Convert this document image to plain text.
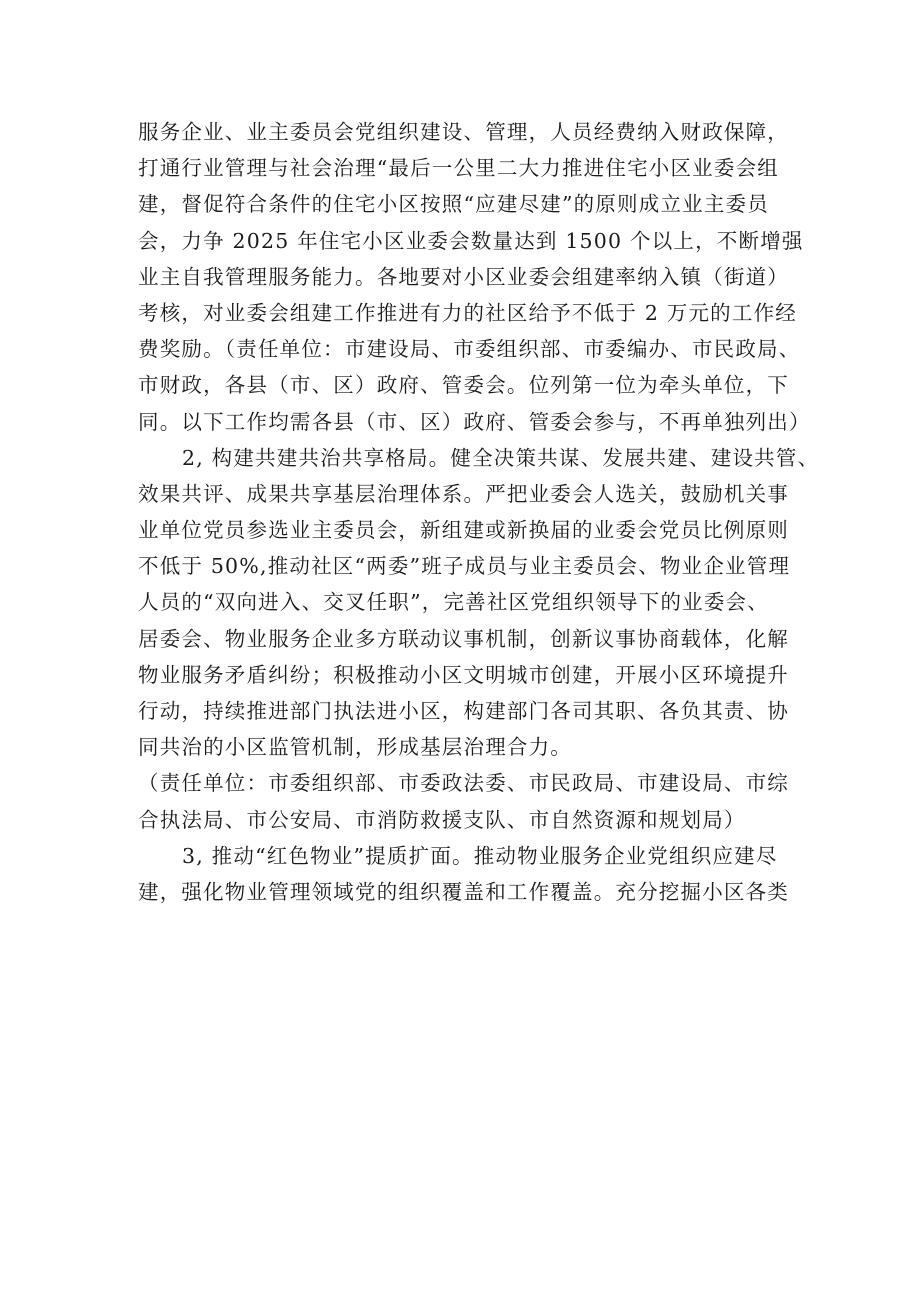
服务企业、业主委员会党组织建设、管理，人员经费纳入财政保障，
打通行业管理与社会治理“最后一公里二大力推进住宅小区业委会组
建，督促符合条件的住宅小区按照“应建尽建”的原则成立业主委员
会，力争 2025 年住宅小区业委会数量达到 1500 个以上，不断增强
业主自我管理服务能力。各地要对小区业委会组建率纳入镇（街道）
考核，对业委会组建工作推进有力的社区给予不低于 2 万元的工作经
费奖励。（责任单位：市建设局、市委组织部、市委编办、市民政局、
市财政，各县（市、区）政府、管委会。位列第一位为牵头单位，下
同。以下工作均需各县（市、区）政府、管委会参与，不再单独列出）
2, 构建共建共治共享格局。健全决策共谋、发展共建、建设共管、
效果共评、成果共享基层治理体系。严把业委会人选关，鼓励机关事
业单位党员参选业主委员会，新组建或新换届的业委会党员比例原则
不低于 50%,推动社区“两委”班子成员与业主委员会、物业企业管理
人员的“双向进入、交叉任职”，完善社区党组织领导下的业委会、
居委会、物业服务企业多方联动议事机制，创新议事协商载体，化解
物业服务矛盾纠纷；积极推动小区文明城市创建，开展小区环境提升
行动，持续推进部门执法进小区，构建部门各司其职、各负其责、协
同共治的小区监管机制，形成基层治理合力。
（责任单位：市委组织部、市委政法委、市民政局、市建设局、市综
合执法局、市公安局、市消防救援支队、市自然资源和规划局）
3, 推动“红色物业”提质扩面。推动物业服务企业党组织应建尽
建，强化物业管理领域党的组织覆盖和工作覆盖。充分挖掘小区各类
